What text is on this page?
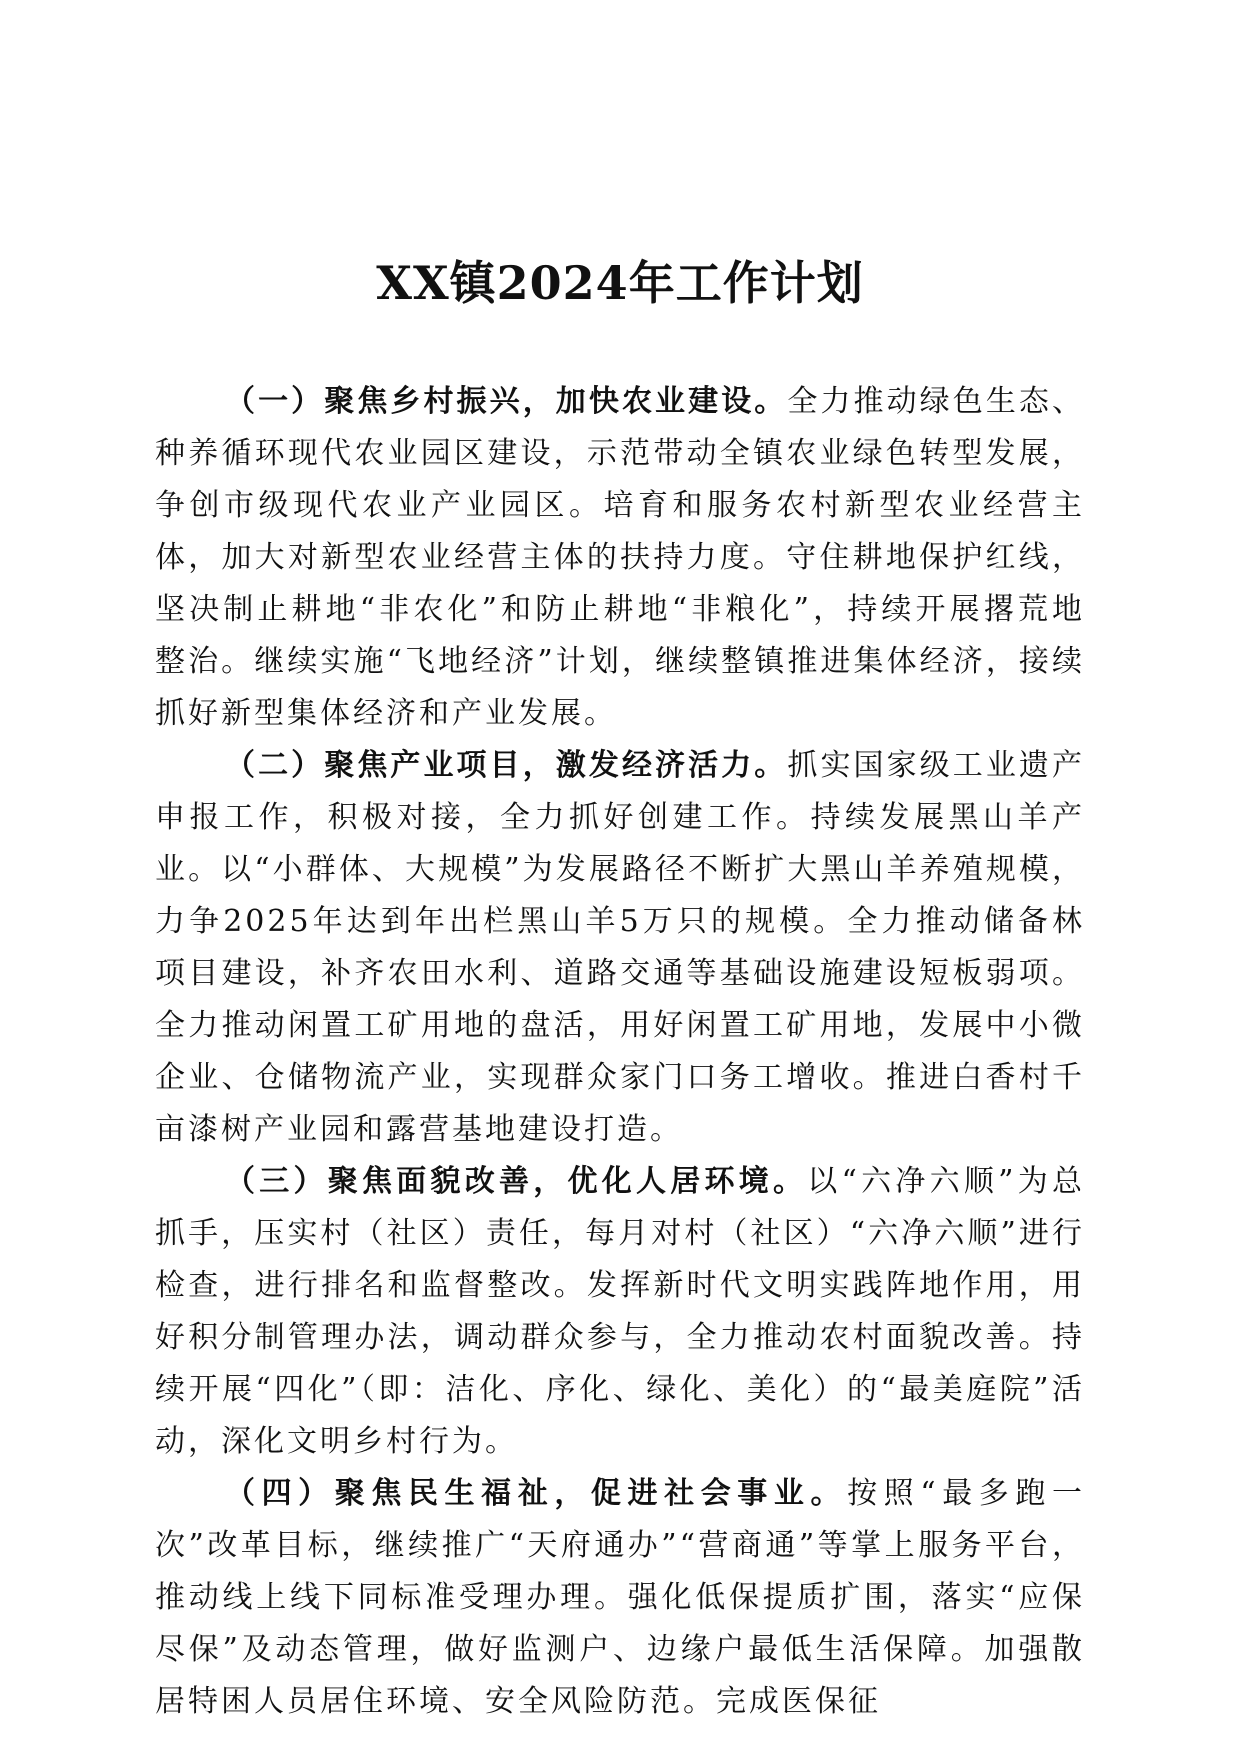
XX镇2024年工作计划

（一）聚焦乡村振兴，加快农业建设。全力推动绿色生态、种养循环现代农业园区建设，示范带动全镇农业绿色转型发展，争创市级现代农业产业园区。培育和服务农村新型农业经营主体，加大对新型农业经营主体的扶持力度。守住耕地保护红线，坚决制止耕地“非农化”和防止耕地“非粮化”，持续开展撂荒地整治。继续实施“飞地经济”计划，继续整镇推进集体经济，接续抓好新型集体经济和产业发展。

（二）聚焦产业项目，激发经济活力。抓实国家级工业遗产申报工作，积极对接，全力抓好创建工作。持续发展黑山羊产业。以“小群体、大规模”为发展路径不断扩大黑山羊养殖规模，力争2025年达到年出栏黑山羊5万只的规模。全力推动储备林项目建设，补齐农田水利、道路交通等基础设施建设短板弱项。全力推动闲置工矿用地的盘活，用好闲置工矿用地，发展中小微企业、仓储物流产业，实现群众家门口务工增收。推进白香村千亩漆树产业园和露营基地建设打造。

（三）聚焦面貌改善，优化人居环境。以“六净六顺”为总抓手，压实村（社区）责任，每月对村（社区）“六净六顺”进行检查，进行排名和监督整改。发挥新时代文明实践阵地作用，用好积分制管理办法，调动群众参与，全力推动农村面貌改善。持续开展“四化”（即：洁化、序化、绿化、美化）的“最美庭院”活动，深化文明乡村行为。

（四）聚焦民生福祉，促进社会事业。按照“最多跑一次”改革目标，继续推广“天府通办”“营商通”等掌上服务平台，推动线上线下同标准受理办理。强化低保提质扩围，落实“应保尽保”及动态管理，做好监测户、边缘户最低生活保障。加强散居特困人员居住环境、安全风险防范。完成医保征
